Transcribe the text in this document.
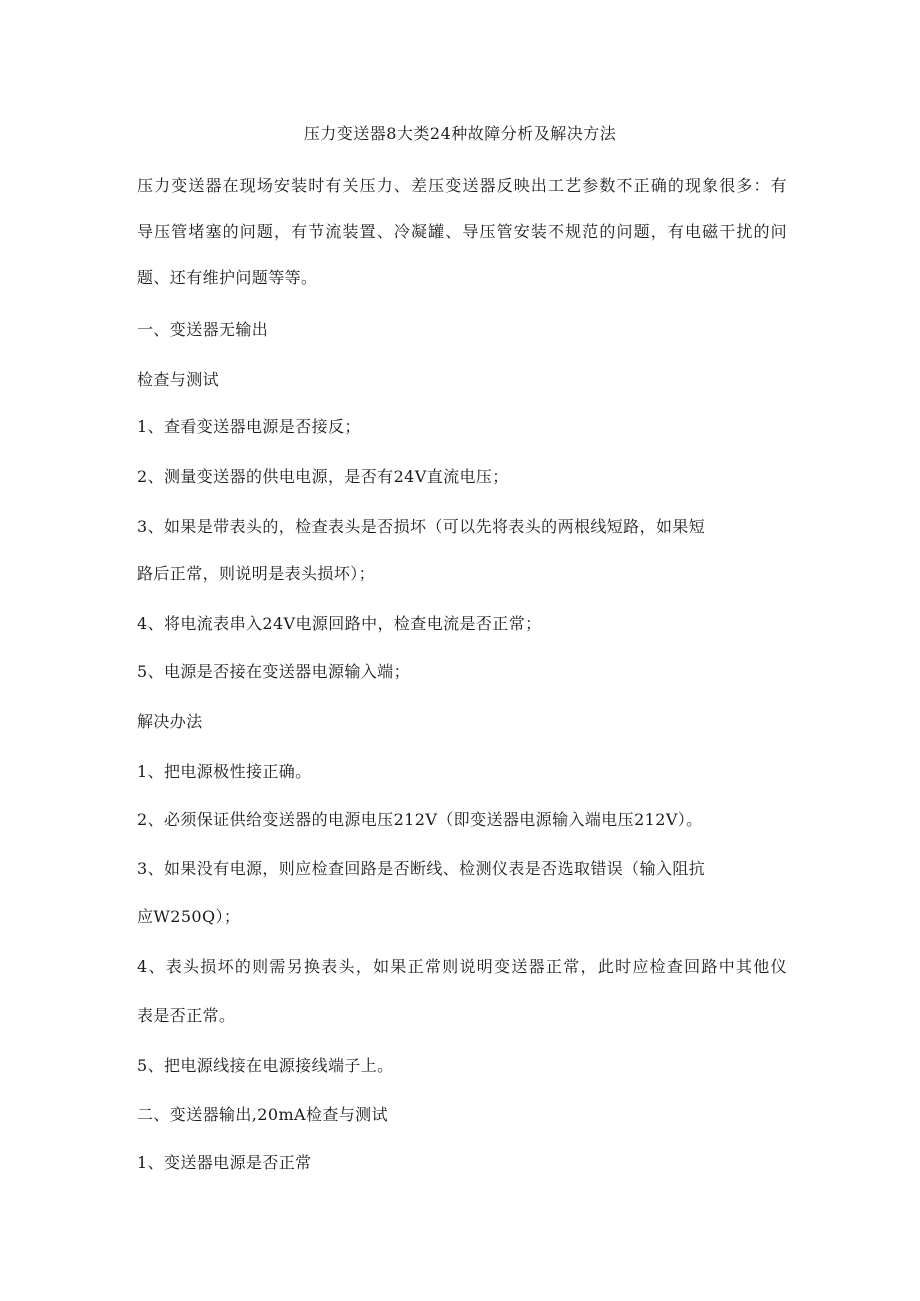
压力变送器8大类24种故障分析及解决方法
压力变送器在现场安装时有关压力、差压变送器反映出工艺参数不正确的现象很多：有
导压管堵塞的问题，有节流装置、冷凝罐、导压管安装不规范的问题，有电磁干扰的问
题、还有维护问题等等。
一、变送器无输出
检查与测试
1、查看变送器电源是否接反；
2、测量变送器的供电电源，是否有24V直流电压；
3、如果是带表头的，检查表头是否损坏（可以先将表头的两根线短路，如果短
路后正常，则说明是表头损坏）；
4、将电流表串入24V电源回路中，检查电流是否正常；
5、电源是否接在变送器电源输入端；
解决办法
1、把电源极性接正确。
2、必须保证供给变送器的电源电压212V（即变送器电源输入端电压212V）。
3、如果没有电源，则应检查回路是否断线、检测仪表是否选取错误（输入阻抗
应W250Q）；
4、表头损坏的则需另换表头，如果正常则说明变送器正常，此时应检查回路中其他仪
表是否正常。
5、把电源线接在电源接线端子上。
二、变送器输出,20mA检查与测试
1、变送器电源是否正常
